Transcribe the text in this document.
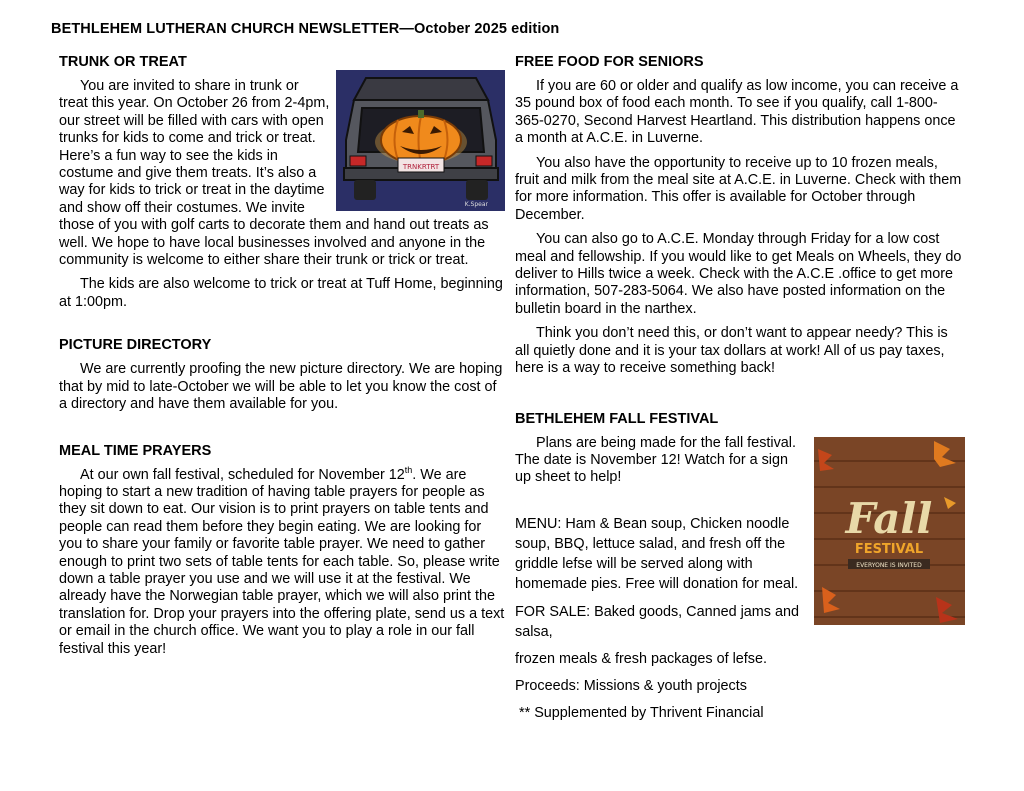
BETHLEHEM LUTHERAN CHURCH NEWSLETTER—October 2025 edition
TRUNK OR TREAT
TRNKRTRT
K.Spear

You are invited to share in trunk or treat this year. On October 26 from 2-4pm, our street will be filled with cars with open trunks for kids to come and trick or treat. Here’s a fun way to see the kids in costume and give them treats. It’s also a way for kids to trick or treat in the daytime and show off their costumes. We invite those of you with golf carts to decorate them and hand out treats as well. We hope to have local businesses involved and anyone in the community is welcome to either share their trunk or trick or treat.

The kids are also welcome to trick or treat at Tuff Home, beginning at 1:00pm.

PICTURE DIRECTORY

We are currently proofing the new picture directory. We are hoping that by mid to late-October we will be able to let you know the cost of a directory and have them available for you.

MEAL TIME PRAYERS

At our own fall festival, scheduled for November 12th. We are hoping to start a new tradition of having table prayers for people as they sit down to eat. Our vision is to print prayers on table tents and people can read them before they begin eating. We are looking for you to share your family or favorite table prayer. We need to gather enough to print two sets of table tents for each table. So, please write down a table prayer you use and we will use it at the festival. We already have the Norwegian table prayer, which we will also print the translation for. Drop your prayers into the offering plate, send us a text or email in the church office. We want you to play a role in our fall festival this year!

FREE FOOD FOR SENIORS

If you are 60 or older and qualify as low income, you can receive a 35 pound box of food each month. To see if you qualify, call 1-800-365-0270, Second Harvest Heartland. This distribution happens once a month at A.C.E. in Luverne.

You also have the opportunity to receive up to 10 frozen meals, fruit and milk from the meal site at A.C.E. in Luverne. Check with them for more information. This offer is available for October through December.

You can also go to A.C.E. Monday through Friday for a low cost meal and fellowship. If you would like to get Meals on Wheels, they do deliver to Hills twice a week. Check with the A.C.E .office to get more information, 507-283-5064. We also have posted information on the bulletin board in the narthex.

Think you don’t need this, or don’t want to appear needy? This is all quietly done and it is your tax dollars at work! All of us pay taxes, here is a way to receive something back!

BETHLEHEM FALL FESTIVAL
Fall
FESTIVAL
EVERYONE IS INVITED

Plans are being made for the fall festival. The date is November 12! Watch for a sign up sheet to help!

MENU: Ham & Bean soup, Chicken noodle soup, BBQ, lettuce salad, and fresh off the griddle lefse will be served along with homemade pies. Free will donation for meal.

FOR SALE: Baked goods, Canned jams and salsa,

frozen meals & fresh packages of lefse.

Proceeds: Missions & youth projects

** Supplemented by Thrivent Financial
